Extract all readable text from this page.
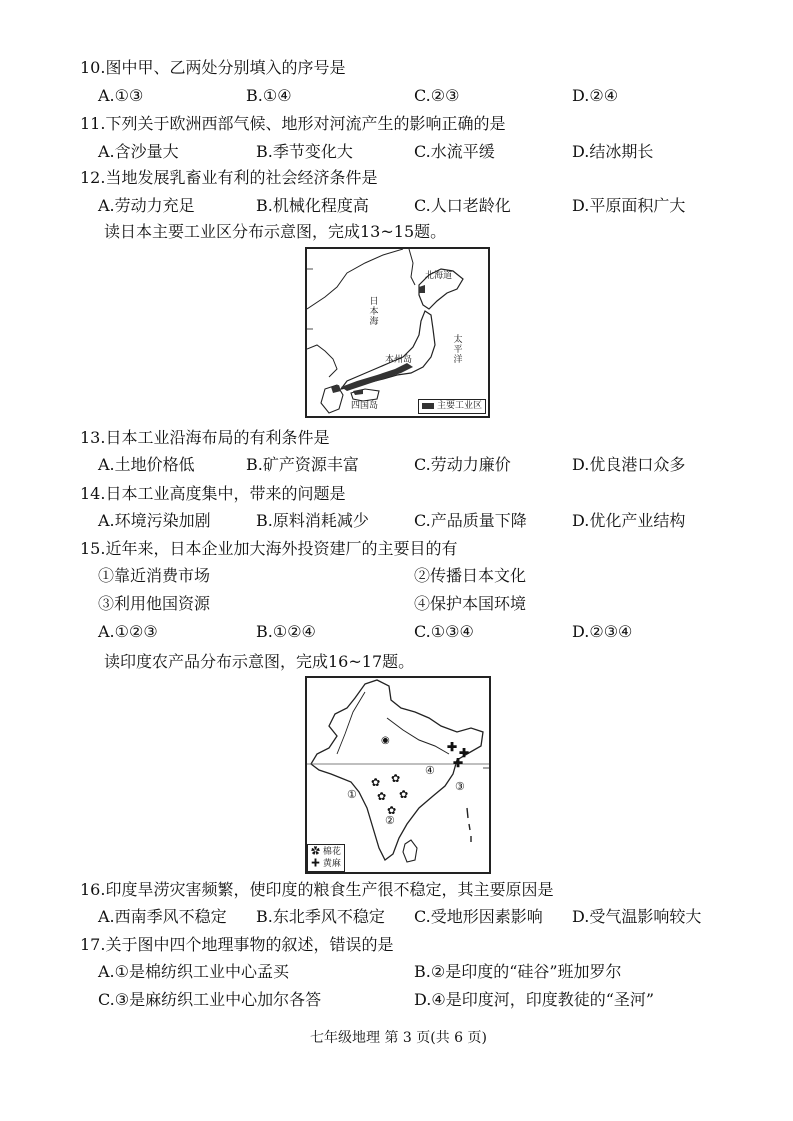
10.图中甲、乙两处分别填入的序号是
A.①③	B.①④	C.②③	D.②④
11.下列关于欧洲西部气候、地形对河流产生的影响正确的是
A.含沙量大	B.季节变化大	C.水流平缓	D.结冰期长
12.当地发展乳畜业有利的社会经济条件是
A.劳动力充足	B.机械化程度高	C.人口老龄化	D.平原面积广大
读日本主要工业区分布示意图，完成13~15题。
北海道
日本海
太平洋
本州岛
四国岛	主要工业区
13.日本工业沿海布局的有利条件是
A.土地价格低	B.矿产资源丰富	C.劳动力廉价	D.优良港口众多
14.日本工业高度集中，带来的问题是
A.环境污染加剧	B.原料消耗减少	C.产品质量下降	D.优化产业结构
15.近年来，日本企业加大海外投资建厂的主要目的有
①靠近消费市场	②传播日本文化
③利用他国资源	④保护本国环境
A.①②③	B.①②④	C.①③④	D.②③④
读印度农产品分布示意图，完成16~17题。
◉
④
①
②
③
✚ ✚
✚
✿ ✿
✿ ✿
✿
✿ 棉花
✚ 黄麻
16.印度旱涝灾害频繁，使印度的粮食生产很不稳定，其主要原因是
A.西南季风不稳定 B.东北季风不稳定 C.受地形因素影响 D.受气温影响较大
17.关于图中四个地理事物的叙述，错误的是
A.①是棉纺织工业中心孟买	B.②是印度的“硅谷”班加罗尔
C.③是麻纺织工业中心加尔各答	D.④是印度河，印度教徒的“圣河”
七年级地理 第 3 页(共 6 页)
